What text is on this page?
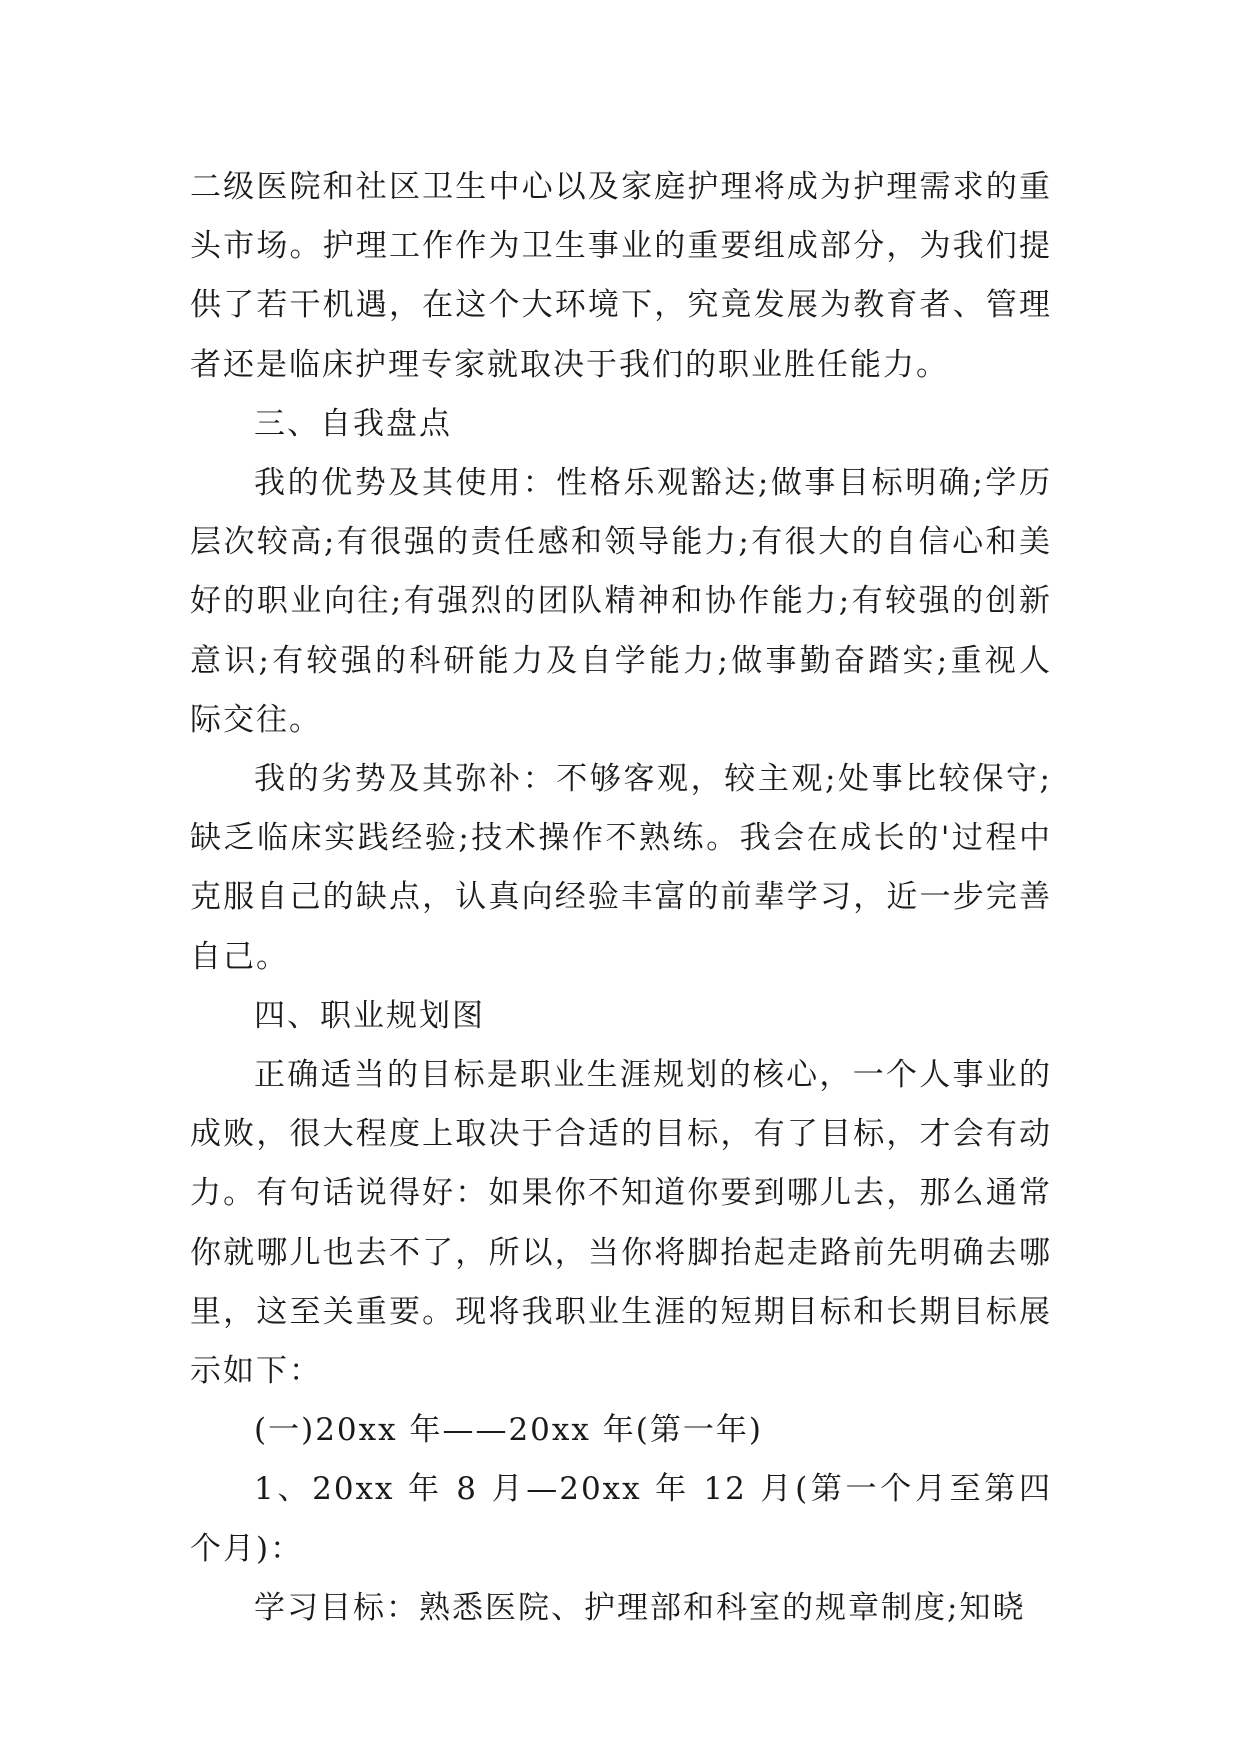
二级医院和社区卫生中心以及家庭护理将成为护理需求的重头市场。护理工作作为卫生事业的重要组成部分，为我们提供了若干机遇，在这个大环境下，究竟发展为教育者、管理者还是临床护理专家就取决于我们的职业胜任能力。

三、自我盘点

我的优势及其使用：性格乐观豁达;做事目标明确;学历层次较高;有很强的责任感和领导能力;有很大的自信心和美好的职业向往;有强烈的团队精神和协作能力;有较强的创新意识;有较强的科研能力及自学能力;做事勤奋踏实;重视人际交往。

我的劣势及其弥补：不够客观，较主观;处事比较保守;缺乏临床实践经验;技术操作不熟练。我会在成长的'过程中克服自己的缺点，认真向经验丰富的前辈学习，近一步完善自己。

四、职业规划图

正确适当的目标是职业生涯规划的核心，一个人事业的成败，很大程度上取决于合适的目标，有了目标，才会有动力。有句话说得好：如果你不知道你要到哪儿去，那么通常你就哪儿也去不了，所以，当你将脚抬起走路前先明确去哪里，这至关重要。现将我职业生涯的短期目标和长期目标展示如下：

(一)20xx 年——20xx 年(第一年)

1、20xx 年 8 月—20xx 年 12 月(第一个月至第四个月)：

学习目标：熟悉医院、护理部和科室的规章制度;知晓
